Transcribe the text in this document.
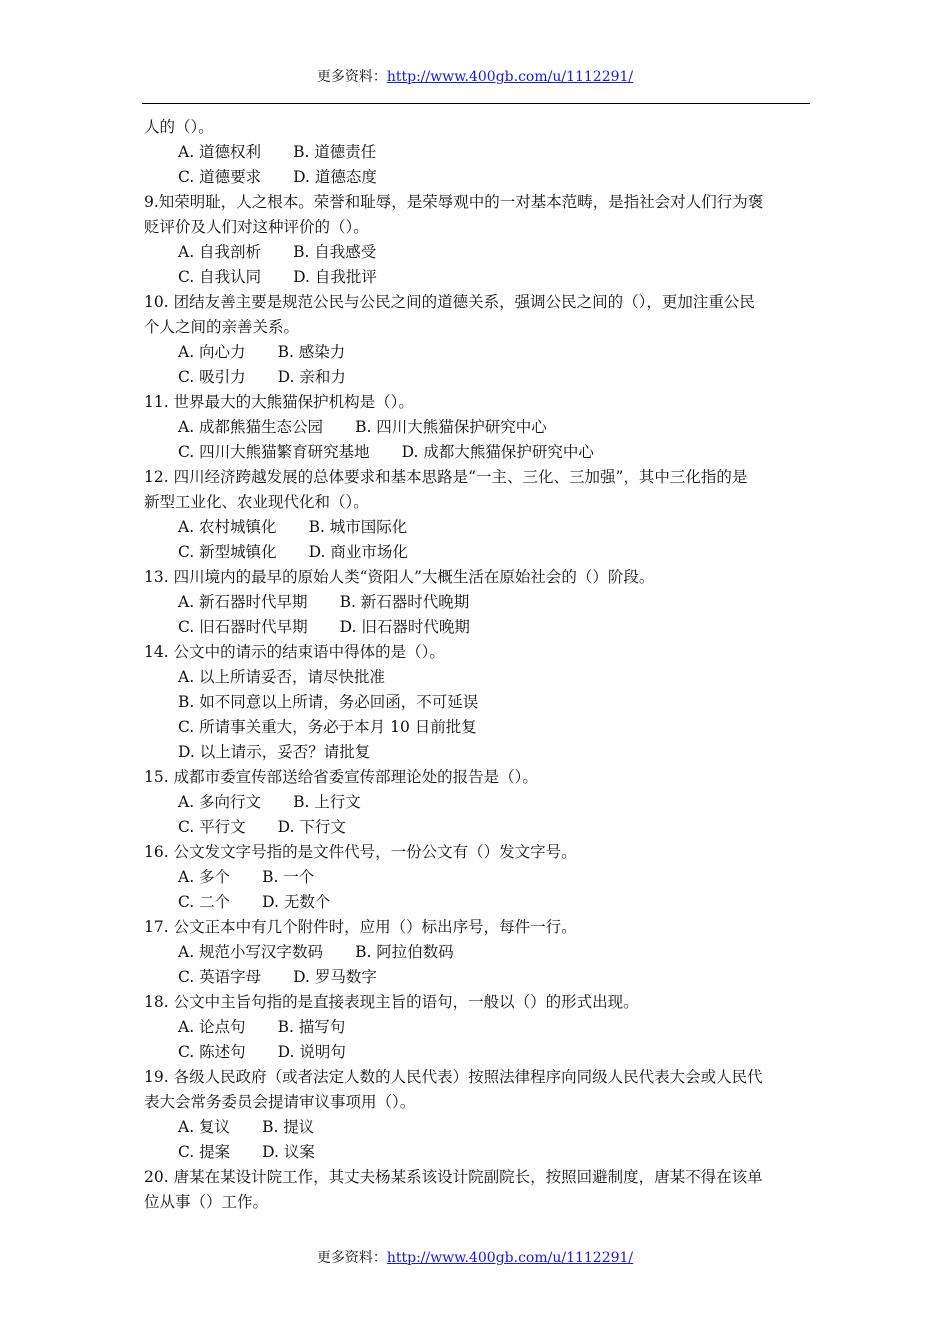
更多资料：http://www.400gb.com/u/1112291/
人的（）。
A. 道德权利 B. 道德责任
C. 道德要求 D. 道德态度
9.知荣明耻，人之根本。荣誉和耻辱，是荣辱观中的一对基本范畴，是指社会对人们行为褒
贬评价及人们对这种评价的（）。
A. 自我剖析 B. 自我感受
C. 自我认同 D. 自我批评
10. 团结友善主要是规范公民与公民之间的道德关系，强调公民之间的（），更加注重公民
个人之间的亲善关系。
A. 向心力 B. 感染力
C. 吸引力 D. 亲和力
11. 世界最大的大熊猫保护机构是（）。
A. 成都熊猫生态公园 B. 四川大熊猫保护研究中心
C. 四川大熊猫繁育研究基地 D. 成都大熊猫保护研究中心
12. 四川经济跨越发展的总体要求和基本思路是“一主、三化、三加强”，其中三化指的是
新型工业化、农业现代化和（）。
A. 农村城镇化 B. 城市国际化
C. 新型城镇化 D. 商业市场化
13. 四川境内的最早的原始人类“资阳人”大概生活在原始社会的（）阶段。
A. 新石器时代早期 B. 新石器时代晚期
C. 旧石器时代早期 D. 旧石器时代晚期
14. 公文中的请示的结束语中得体的是（）。
A. 以上所请妥否，请尽快批准
B. 如不同意以上所请，务必回函，不可延误
C. 所请事关重大，务必于本月 10 日前批复
D. 以上请示，妥否？请批复
15. 成都市委宣传部送给省委宣传部理论处的报告是（）。
A. 多向行文 B. 上行文
C. 平行文 D. 下行文
16. 公文发文字号指的是文件代号，一份公文有（）发文字号。
A. 多个 B. 一个
C. 二个 D. 无数个
17. 公文正本中有几个附件时，应用（）标出序号，每件一行。
A. 规范小写汉字数码 B. 阿拉伯数码
C. 英语字母 D. 罗马数字
18. 公文中主旨句指的是直接表现主旨的语句，一般以（）的形式出现。
A. 论点句 B. 描写句
C. 陈述句 D. 说明句
19. 各级人民政府（或者法定人数的人民代表）按照法律程序向同级人民代表大会或人民代
表大会常务委员会提请审议事项用（）。
A. 复议 B. 提议
C. 提案 D. 议案
20. 唐某在某设计院工作，其丈夫杨某系该设计院副院长，按照回避制度，唐某不得在该单
位从事（）工作。
更多资料：http://www.400gb.com/u/1112291/
